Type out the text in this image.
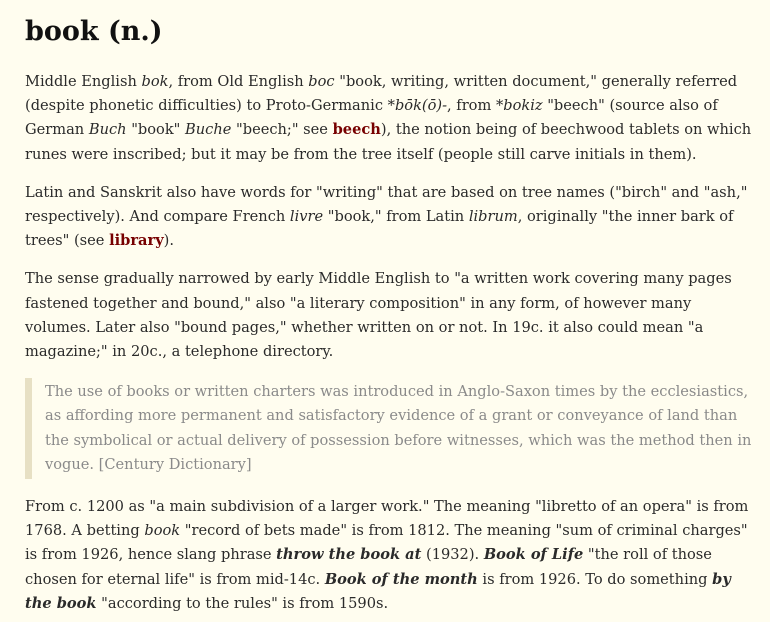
book (n.)

Middle English bok, from Old English boc "book, writing, written document," generally referred (despite phonetic difficulties) to Proto-Germanic *bōk(ō)-, from *bokiz "beech" (source also of German Buch "book" Buche "beech;" see beech), the notion being of beechwood tablets on which runes were inscribed; but it may be from the tree itself (people still carve initials in them).

Latin and Sanskrit also have words for "writing" that are based on tree names ("birch" and "ash," respectively). And compare French livre "book," from Latin librum, originally "the inner bark of trees" (see library).

The sense gradually narrowed by early Middle English to "a written work covering many pages fastened together and bound," also "a literary composition" in any form, of however many volumes. Later also "bound pages," whether written on or not. In 19c. it also could mean "a magazine;" in 20c., a telephone directory.

The use of books or written charters was introduced in Anglo-Saxon times by the ecclesiastics, as affording more permanent and satisfactory evidence of a grant or conveyance of land than the symbolical or actual delivery of possession before witnesses, which was the method then in vogue. [Century Dictionary]

From c. 1200 as "a main subdivision of a larger work." The meaning "libretto of an opera" is from 1768. A betting book "record of bets made" is from 1812. The meaning "sum of criminal charges" is from 1926, hence slang phrase throw the book at (1932). Book of Life "the roll of those chosen for eternal life" is from mid-14c. Book of the month is from 1926. To do something by the book "according to the rules" is from 1590s.
